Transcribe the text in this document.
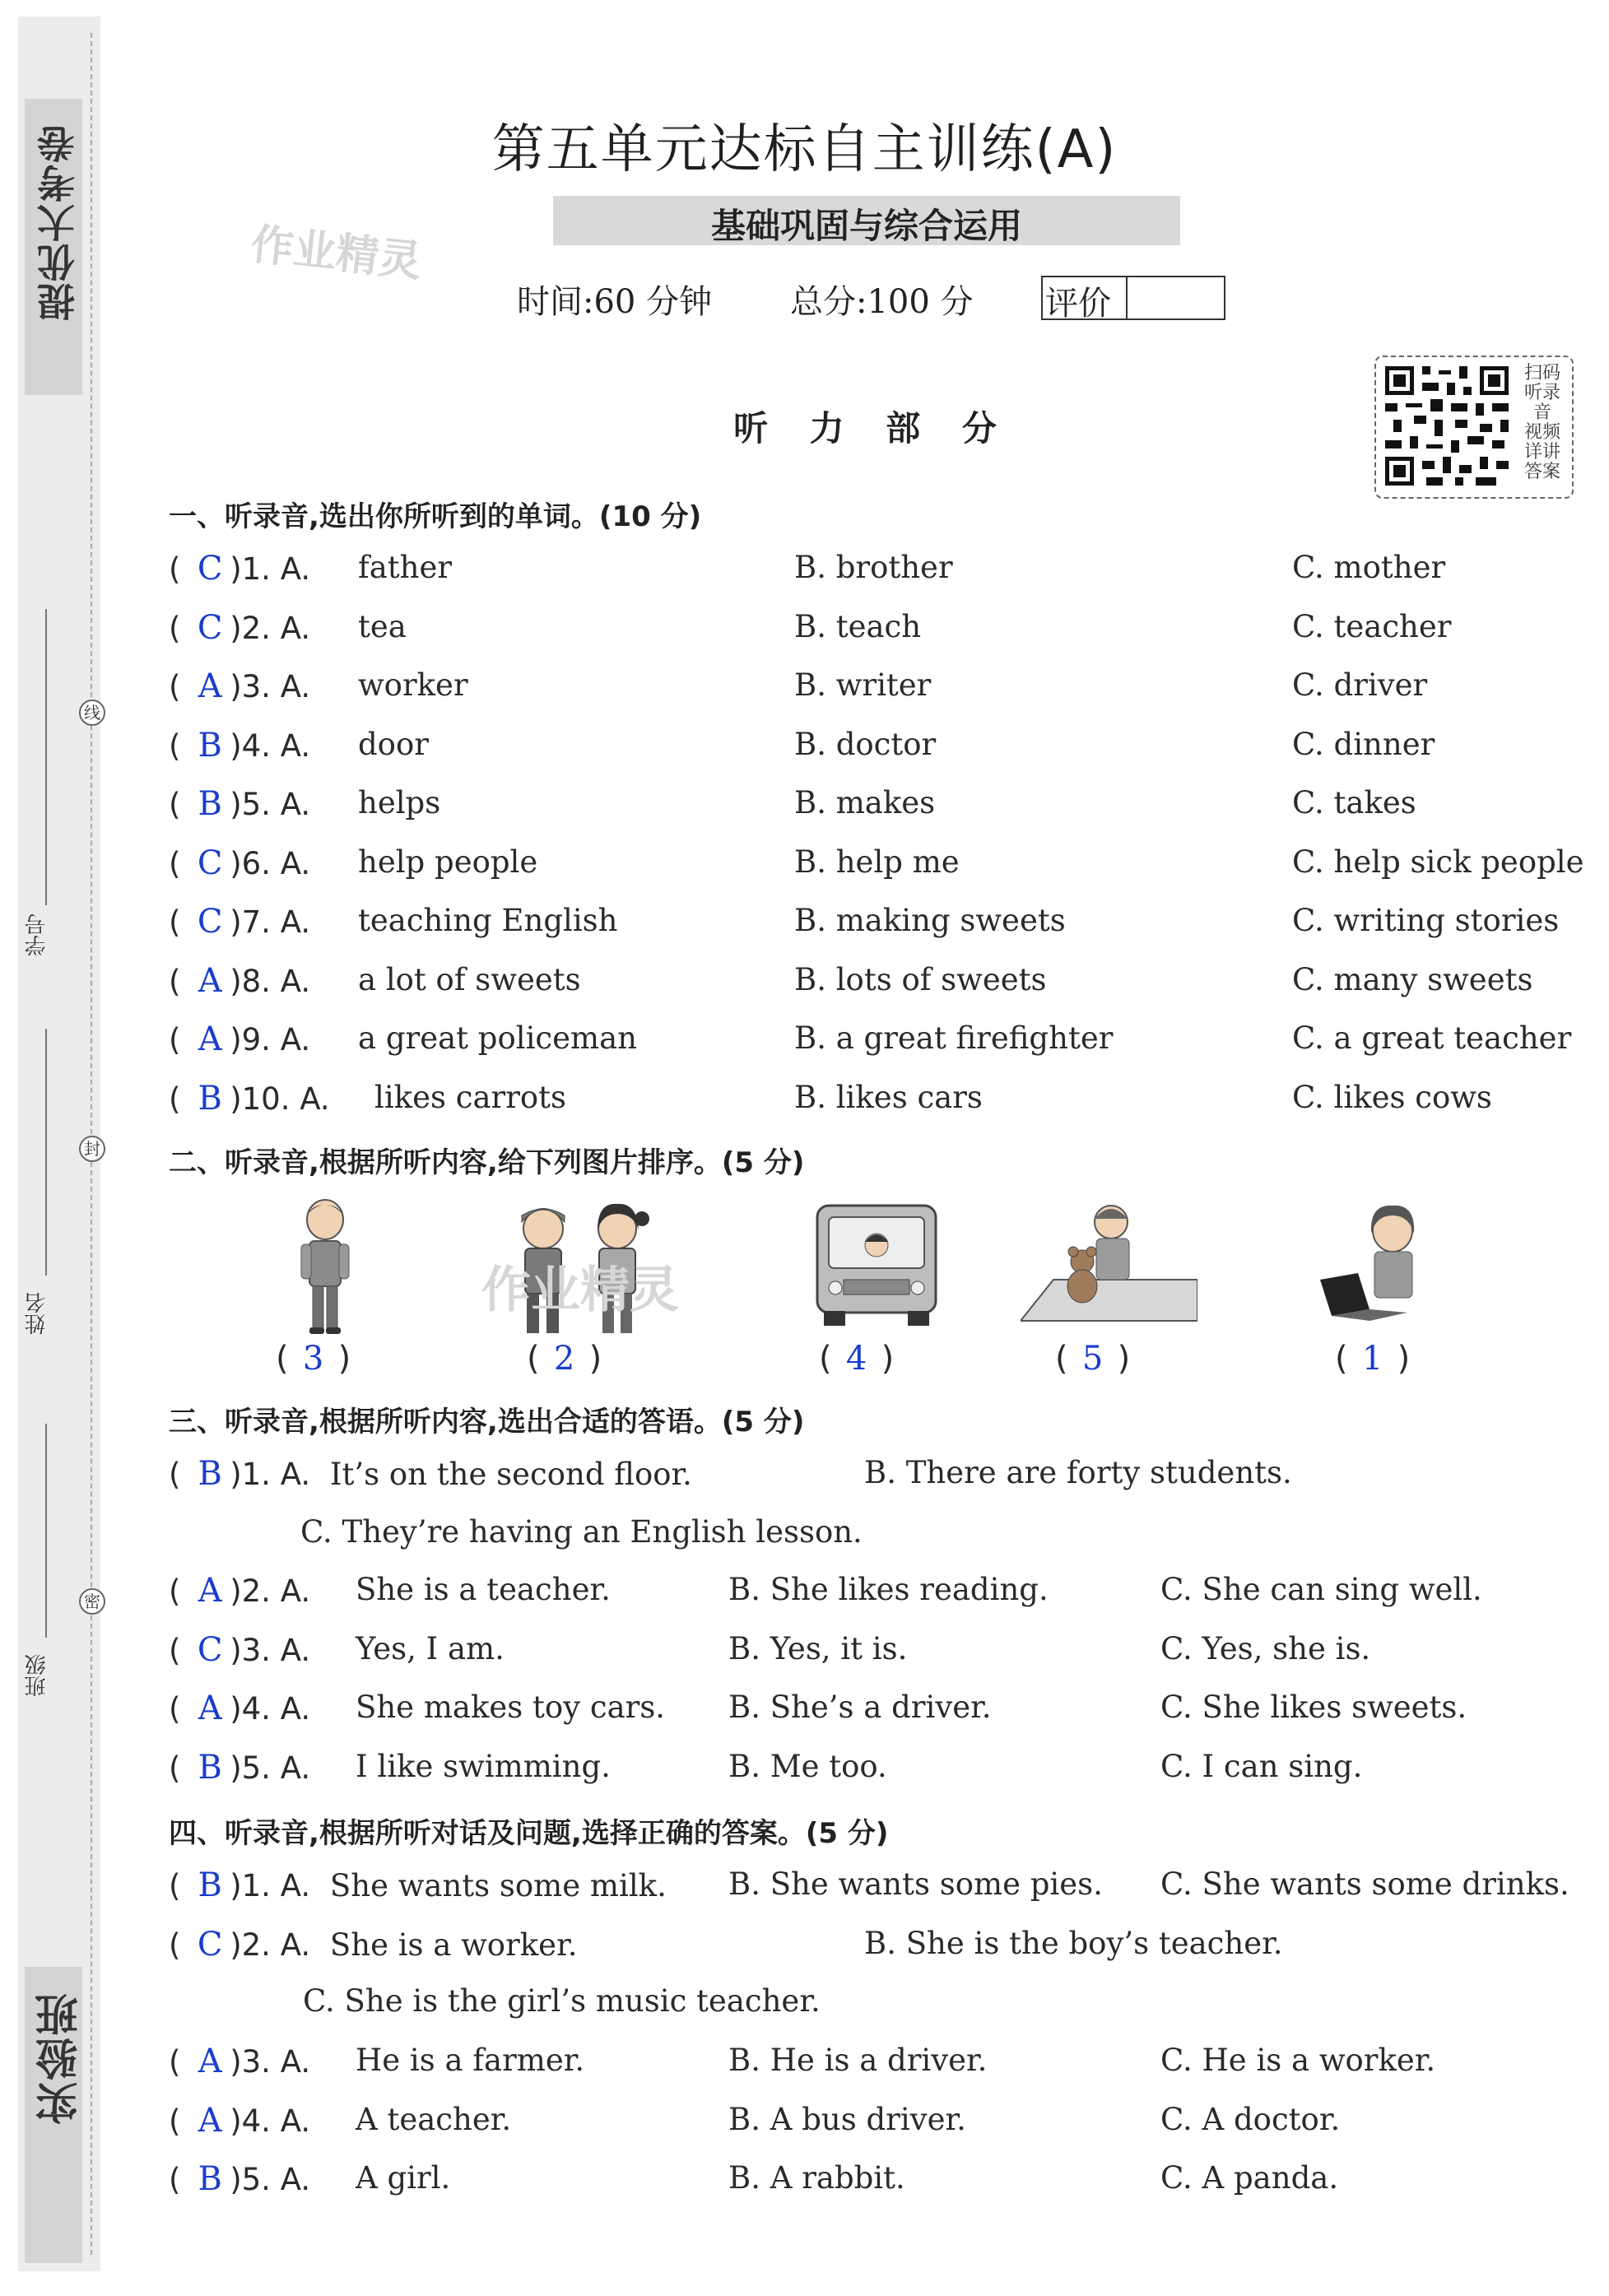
提优大考卷
实验班
线
封
密
学号
姓名
班级
第五单元达标自主训练(A)
基础巩固与综合运用
作业精灵
时间:60 分钟 总分:100 分 评价
扫码听录音 视频详讲答案
听 力 部 分
一、听录音,选出你所听到的单词。(10 分)
( C )1. A. father	B. brother	C. mother
( C )2. A. tea	B. teach	C. teacher
( A )3. A. worker	B. writer	C. driver
( B )4. A. door	B. doctor	C. dinner
( B )5. A. helps	B. makes	C. takes
( C )6. A. help people	B. help me	C. help sick people
( C )7. A. teaching English	B. making sweets	C. writing stories
( A )8. A. a lot of sweets	B. lots of sweets	C. many sweets
( A )9. A. a great policeman	B. a great firefighter	C. a great teacher
( B )10. A. likes carrots	B. likes cars	C. likes cows
二、听录音,根据所听内容,给下列图片排序。(5 分)
作业精灵
( 3 )	( 2 )	( 4 )	( 5 )	( 1 )
三、听录音,根据所听内容,选出合适的答语。(5 分)
( B )1. A. It’s on the second floor.	B. There are forty students.
C. They’re having an English lesson.
( A )2. A. She is a teacher.	B. She likes reading.	C. She can sing well.
( C )3. A. Yes, I am.	B. Yes, it is.	C. Yes, she is.
( A )4. A. She makes toy cars. B. She’s a driver.	C. She likes sweets.
( B )5. A. I like swimming.	B. Me too.	C. I can sing.
四、听录音,根据所听对话及问题,选择正确的答案。(5 分)
( B )1. A. She wants some milk. B. She wants some pies. C. She wants some drinks.
( C )2. A. She is a worker.	B. She is the boy’s teacher.
C. She is the girl’s music teacher.
( A )3. A. He is a farmer.	B. He is a driver.	C. He is a worker.
( A )4. A. A teacher.	B. A bus driver.	C. A doctor.
( B )5. A. A girl.	B. A rabbit.	C. A panda.
